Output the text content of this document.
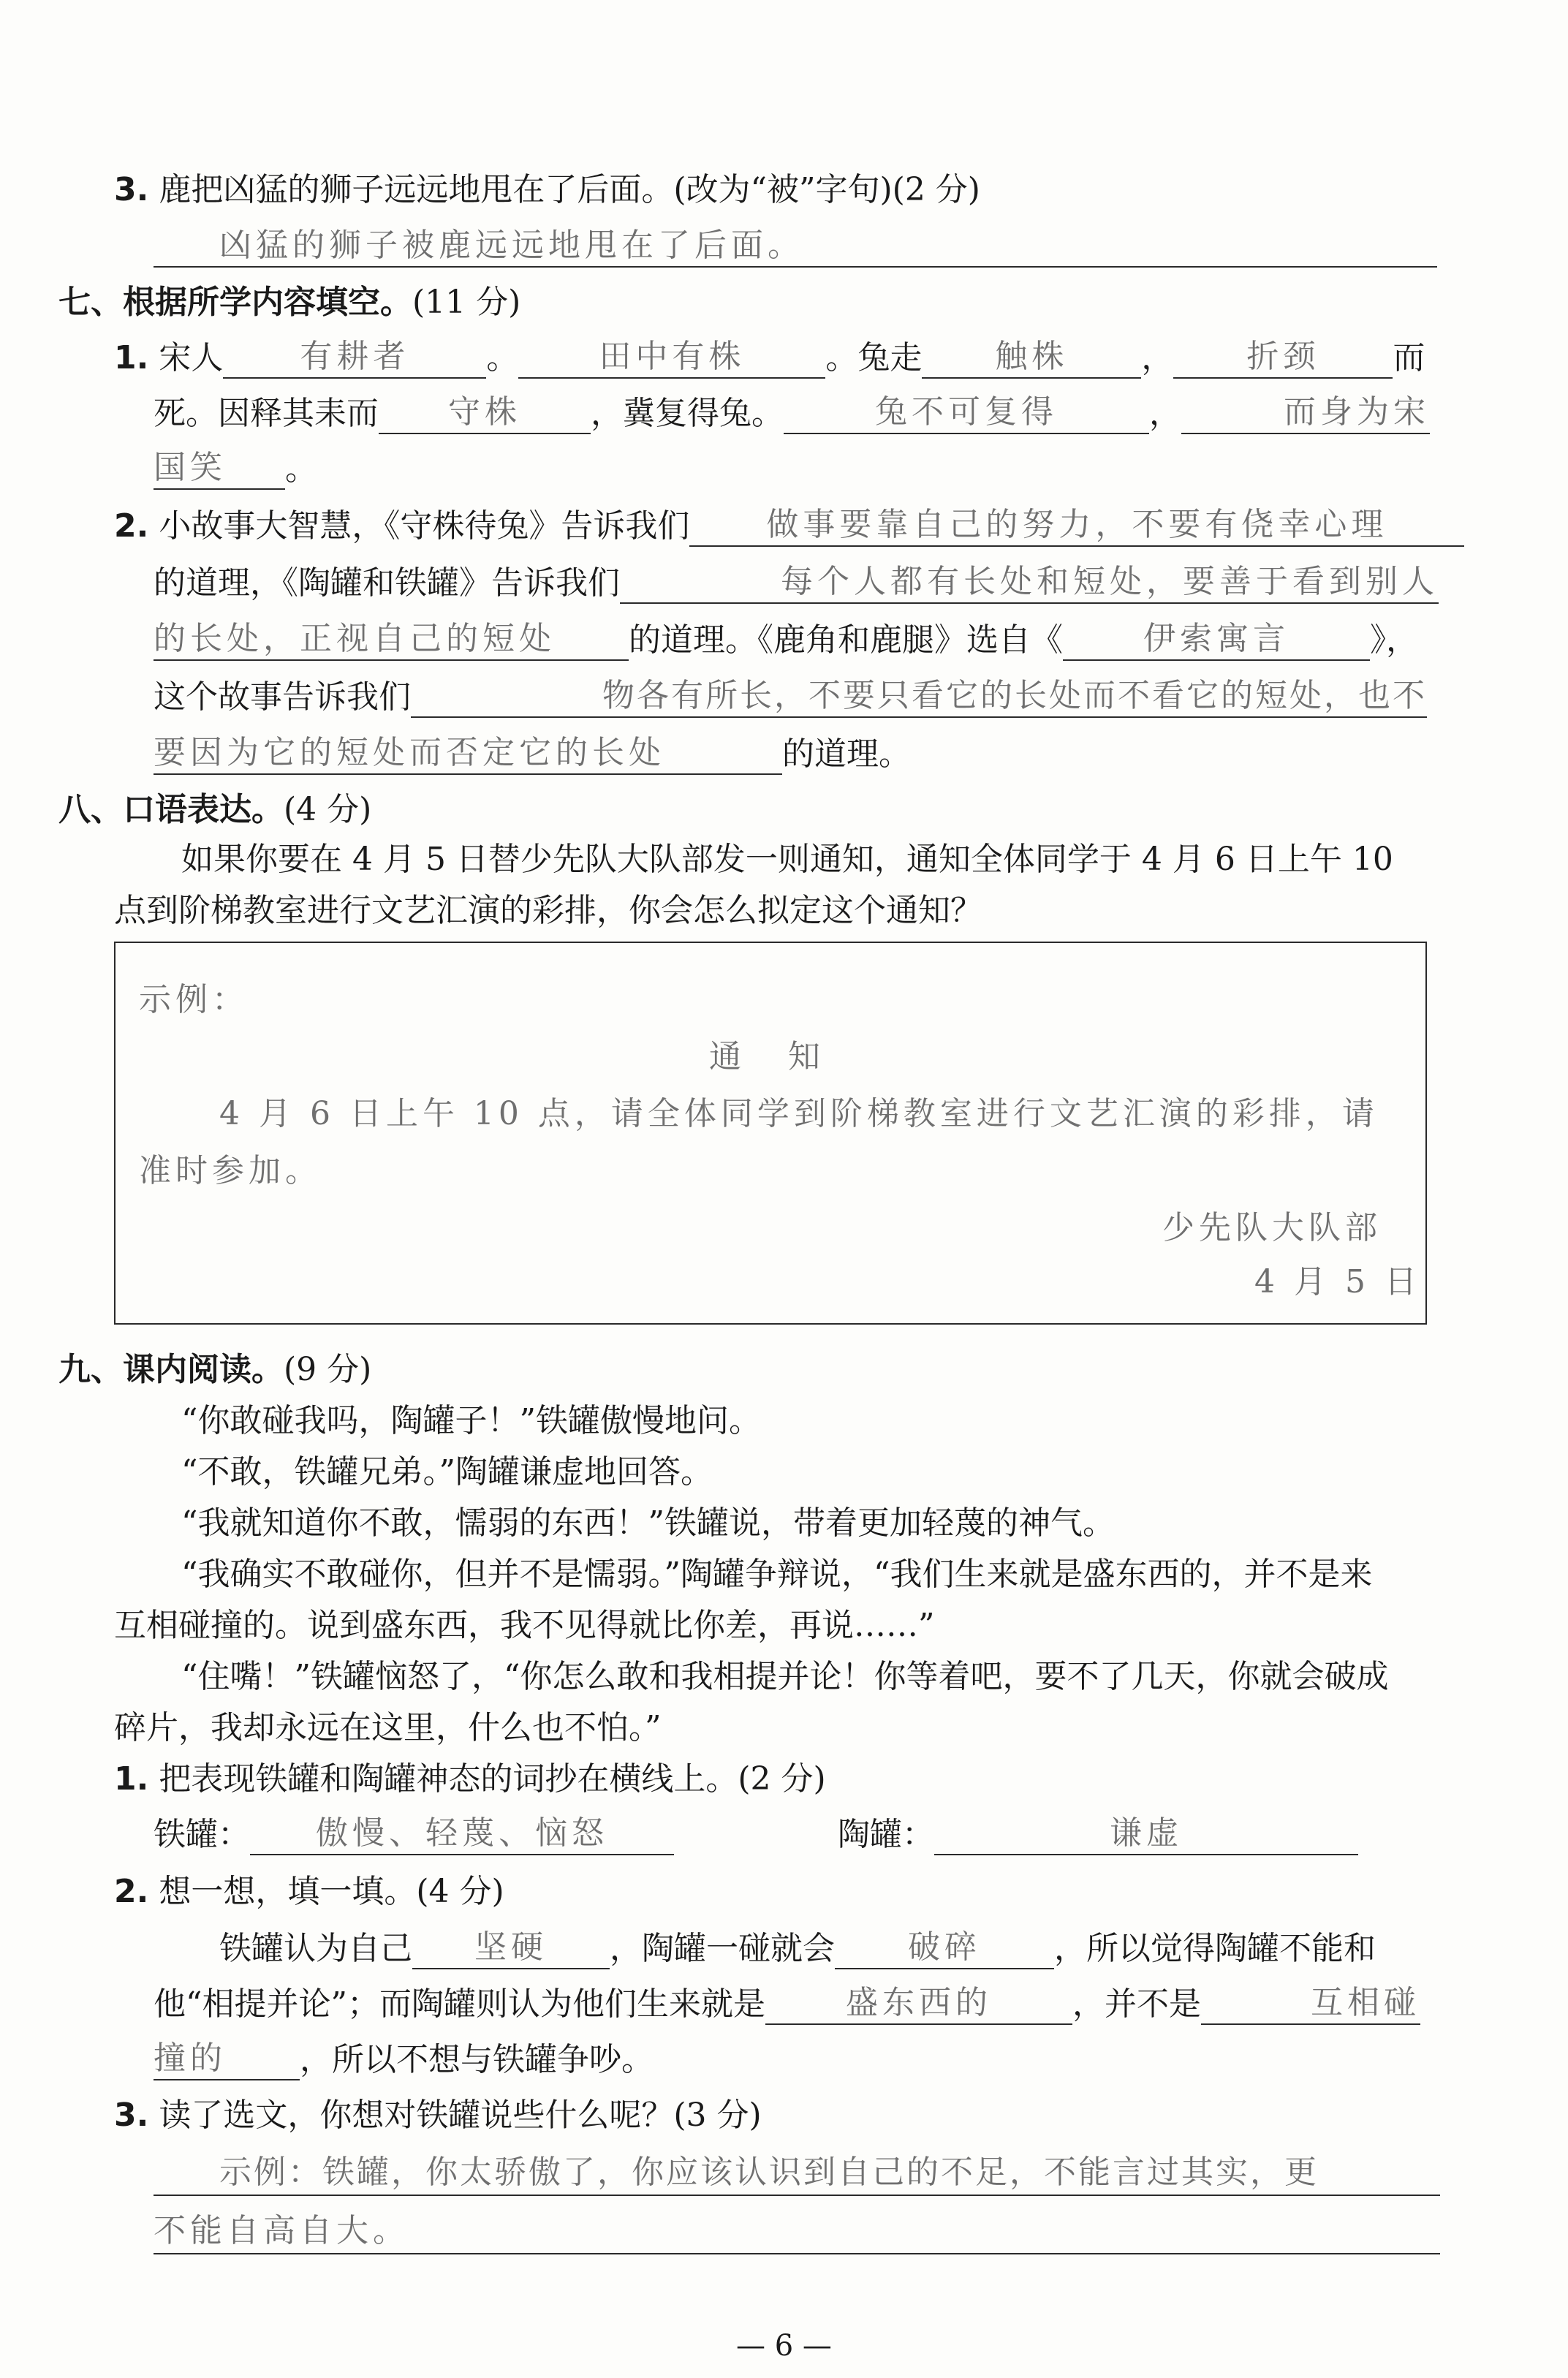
3. 鹿把凶猛的狮子远远地甩在了后面。(改为“被”字句)(2 分)
凶猛的狮子被鹿远远地甩在了后面。
七、根据所学内容填空。(11 分)
1. 宋人 有耕者 。	田中有株	。兔走 触株 ， 折颈 而
死。因释其耒而 守株 ，冀复得兔。	兔不可复得	，	而身为宋
国笑 。
2. 小故事大智慧，《守株待兔》告诉我们 做事要靠自己的努力，不要有侥幸心理
的道理，《陶罐和铁罐》告诉我们	每个人都有长处和短处，要善于看到别人
的长处，正视自己的短处 的道理。《鹿角和鹿腿》选自《	伊索寓言	》，
这个故事告诉我们	物各有所长，不要只看它的长处而不看它的短处，也不
要因为它的短处而否定它的长处	的道理。
八、口语表达。(4 分)
如果你要在 4 月 5 日替少先队大队部发一则通知，通知全体同学于 4 月 6 日上午 10
点到阶梯教室进行文艺汇演的彩排，你会怎么拟定这个通知？
示例：
通　知
4 月 6 日上午 10 点，请全体同学到阶梯教室进行文艺汇演的彩排，请
准时参加。
少先队大队部
4 月 5 日
九、课内阅读。(9 分)
“你敢碰我吗，陶罐子！”铁罐傲慢地问。
“不敢，铁罐兄弟。”陶罐谦虚地回答。
“我就知道你不敢，懦弱的东西！”铁罐说，带着更加轻蔑的神气。
“我确实不敢碰你，但并不是懦弱。”陶罐争辩说，“我们生来就是盛东西的，并不是来
互相碰撞的。说到盛东西，我不见得就比你差，再说……”
“住嘴！”铁罐恼怒了，“你怎么敢和我相提并论！你等着吧，要不了几天，你就会破成
碎片，我却永远在这里，什么也不怕。”
1. 把表现铁罐和陶罐神态的词抄在横线上。(2 分)
铁罐： 傲慢、轻蔑、恼怒	陶罐：	谦虚
2. 想一想，填一填。(4 分)
铁罐认为自己 坚硬 ，陶罐一碰就会 破碎 ，所以觉得陶罐不能和
他“相提并论”；而陶罐则认为他们生来就是	盛东西的	，并不是	互相碰
撞的 ，所以不想与铁罐争吵。
3. 读了选文，你想对铁罐说些什么呢？(3 分)
示例：铁罐，你太骄傲了，你应该认识到自己的不足，不能言过其实，更
不能自高自大。
— 6 —
